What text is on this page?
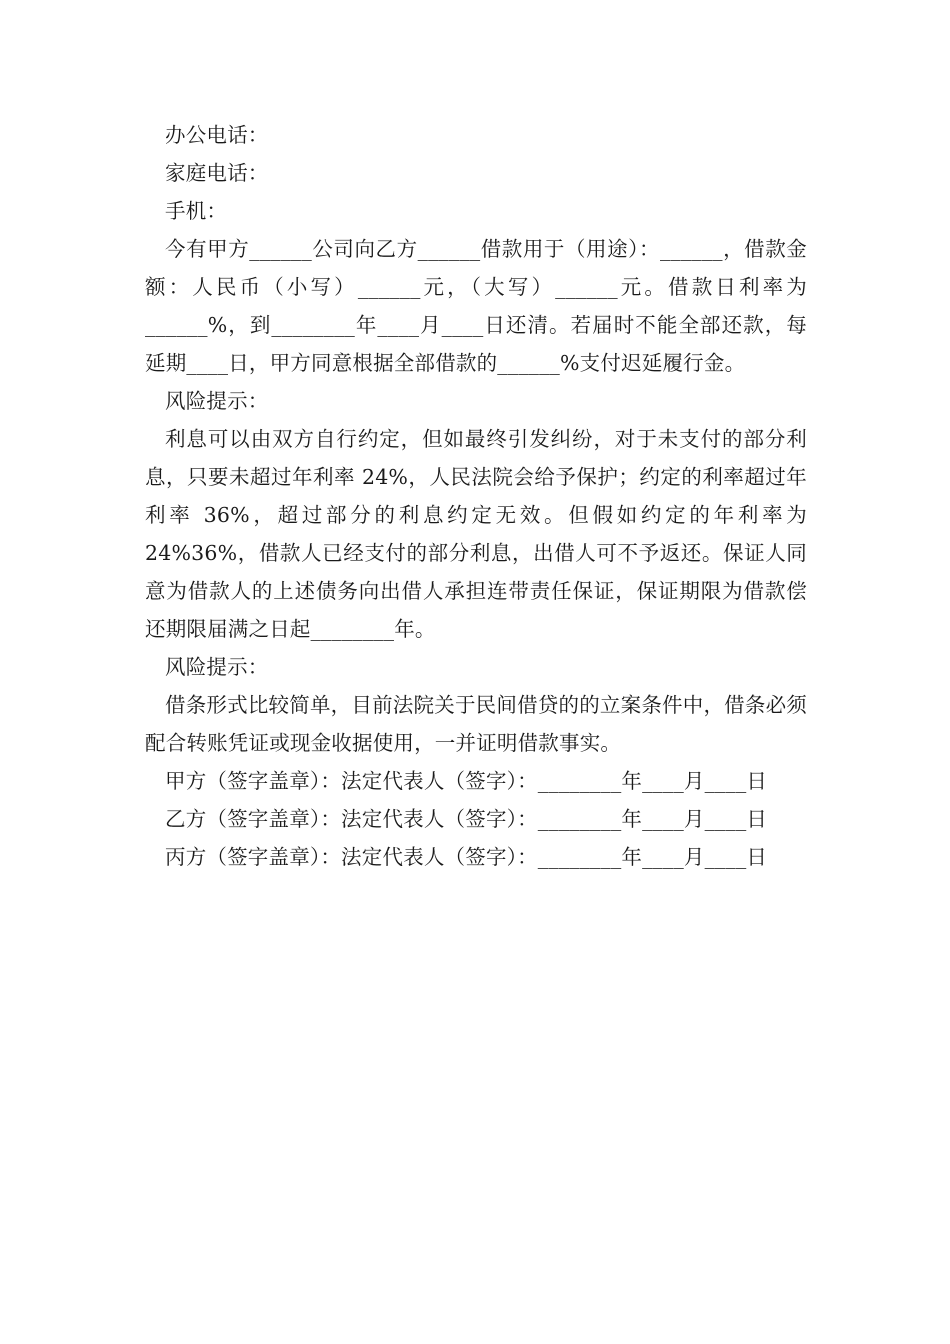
办公电话：

家庭电话：

手机：

今有甲方______公司向乙方______借款用于（用途）：______，借款金额：人民币（小写）______元，（大写）______元。借款日利率为______%，到________年____月____日还清。若届时不能全部还款，每延期____日，甲方同意根据全部借款的______%支付迟延履行金。

风险提示：

利息可以由双方自行约定，但如最终引发纠纷，对于未支付的部分利息，只要未超过年利率 24%，人民法院会给予保护；约定的利率超过年利率 36%，超过部分的利息约定无效。但假如约定的年利率为 24%36%，借款人已经支付的部分利息，出借人可不予返还。保证人同意为借款人的上述债务向出借人承担连带责任保证，保证期限为借款偿还期限届满之日起________年。

风险提示：

借条形式比较简单，目前法院关于民间借贷的的立案条件中，借条必须配合转账凭证或现金收据使用，一并证明借款事实。

甲方（签字盖章）：法定代表人（签字）：________年____月____日

乙方（签字盖章）：法定代表人（签字）：________年____月____日

丙方（签字盖章）：法定代表人（签字）：________年____月____日
